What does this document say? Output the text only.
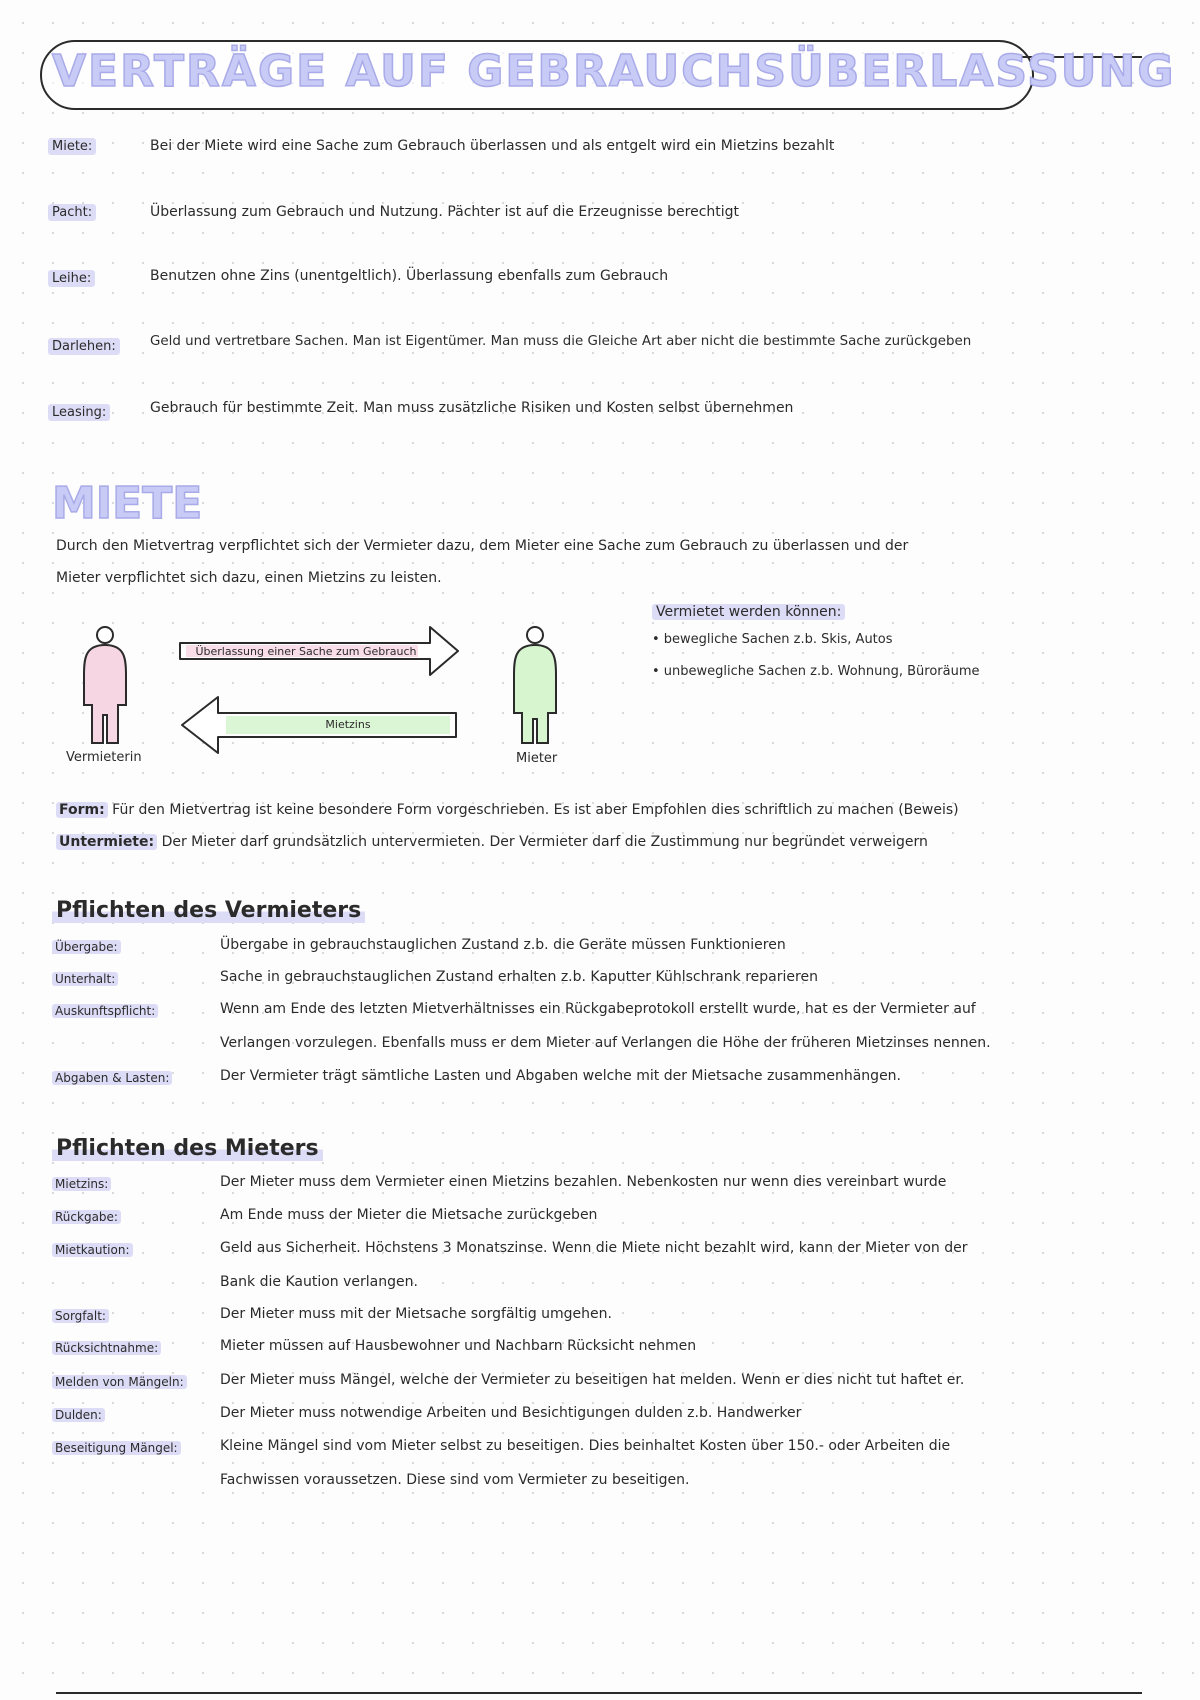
VERTRÄGE AUF GEBRAUCHSÜBERLASSUNG
Miete:	Bei der Miete wird eine Sache zum Gebrauch überlassen und als entgelt wird ein Mietzins bezahlt
Pacht:	Überlassung zum Gebrauch und Nutzung. Pächter ist auf die Erzeugnisse berechtigt
Leihe:	Benutzen ohne Zins (unentgeltlich). Überlassung ebenfalls zum Gebrauch
Darlehen:	Geld und vertretbare Sachen. Man ist Eigentümer. Man muss die Gleiche Art aber nicht die bestimmte Sache zurückgeben
Leasing:	Gebrauch für bestimmte Zeit. Man muss zusätzliche Risiken und Kosten selbst übernehmen
MIETE
Durch den Mietvertrag verpflichtet sich der Vermieter dazu, dem Mieter eine Sache zum Gebrauch zu überlassen und der
Mieter verpflichtet sich dazu, einen Mietzins zu leisten.
Überlassung einer Sache zum Gebrauch
Mietzins
Vermieterin	Mieter
Vermietet werden können:
• bewegliche Sachen z.b. Skis, Autos
• unbewegliche Sachen z.b. Wohnung, Büroräume
Form: Für den Mietvertrag ist keine besondere Form vorgeschrieben. Es ist aber Empfohlen dies schriftlich zu machen (Beweis)
Untermiete: Der Mieter darf grundsätzlich untervermieten. Der Vermieter darf die Zustimmung nur begründet verweigern
Pflichten des Vermieters
Übergabe:	Übergabe in gebrauchstauglichen Zustand z.b. die Geräte müssen Funktionieren
Unterhalt:	Sache in gebrauchstauglichen Zustand erhalten z.b. Kaputter Kühlschrank reparieren
Auskunftspflicht:	Wenn am Ende des letzten Mietverhältnisses ein Rückgabeprotokoll erstellt wurde, hat es der Vermieter auf
Verlangen vorzulegen. Ebenfalls muss er dem Mieter auf Verlangen die Höhe der früheren Mietzinses nennen.
Abgaben & Lasten:	Der Vermieter trägt sämtliche Lasten und Abgaben welche mit der Mietsache zusammenhängen.
Pflichten des Mieters
Mietzins:	Der Mieter muss dem Vermieter einen Mietzins bezahlen. Nebenkosten nur wenn dies vereinbart wurde
Rückgabe:	Am Ende muss der Mieter die Mietsache zurückgeben
Mietkaution:	Geld aus Sicherheit. Höchstens 3 Monatszinse. Wenn die Miete nicht bezahlt wird, kann der Mieter von der
Bank die Kaution verlangen.
Sorgfalt:	Der Mieter muss mit der Mietsache sorgfältig umgehen.
Rücksichtnahme:	Mieter müssen auf Hausbewohner und Nachbarn Rücksicht nehmen
Melden von Mängeln:	Der Mieter muss Mängel, welche der Vermieter zu beseitigen hat melden. Wenn er dies nicht tut haftet er.
Dulden:	Der Mieter muss notwendige Arbeiten und Besichtigungen dulden z.b. Handwerker
Beseitigung Mängel:	Kleine Mängel sind vom Mieter selbst zu beseitigen. Dies beinhaltet Kosten über 150.- oder Arbeiten die
Fachwissen voraussetzen. Diese sind vom Vermieter zu beseitigen.
